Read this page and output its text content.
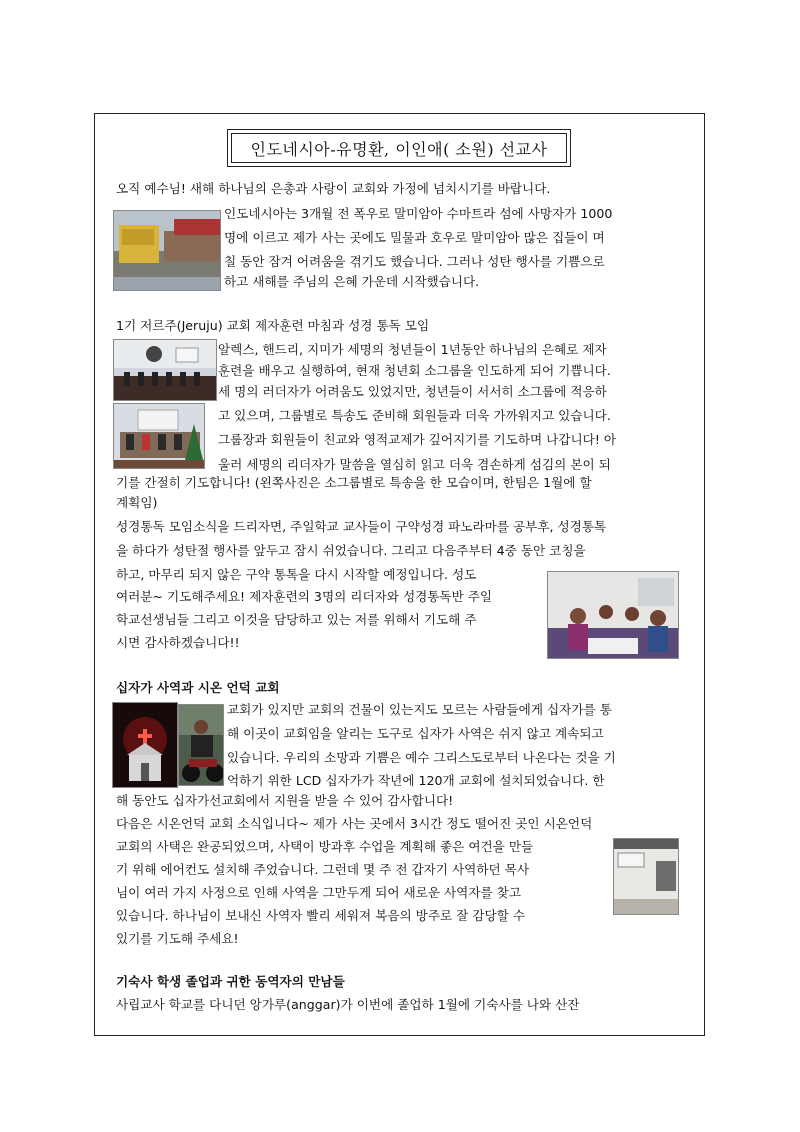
인도네시아-유명환, 이인애( 소원) 선교사
오직 예수님! 새해 하나님의 은총과 사랑이 교회와 가정에 넘치시기를 바랍니다.
인도네시아는 3개월 전 폭우로 말미암아 수마트라 섬에 사망자가 1000
명에 이르고 제가 사는 곳에도 밀물과 호우로 말미암아 많은 집들이 며
칠 동안 잠겨 어려움을 겪기도 했습니다. 그러나 성탄 행사를 기쁨으로
하고 새해를 주님의 은혜 가운데 시작했습니다.
1기 저르주(Jeruju) 교회 제자훈련 마침과 성경 통독 모임
알렉스, 핸드리, 지미가 세명의 청년들이 1년동안 하나님의 은혜로 제자
훈련을 배우고 실행하여, 현재 청년회 소그룹을 인도하게 되어 기쁩니다.
세 명의 러더자가 어려움도 있었지만, 청년들이 서서히 소그룹에 적응하
고 있으며, 그룹별로 특송도 준비해 회원들과 더욱 가까워지고 있습니다.
그룹장과 회원들이 친교와 영적교제가 깊어지기를 기도하며 나갑니다! 아
울러 세명의 리더자가 말씀을 열심히 읽고 더욱 겸손하게 섬김의 본이 되
기를 간절히 기도합니다! (왼쪽사진은 소그룹별로 특송을 한 모습이며, 한팀은 1월에 할
계획임)
성경통독 모임소식을 드리자면, 주일학교 교사들이 구약성경 파노라마를 공부후, 성경통톡
을 하다가 성탄절 행사를 앞두고 잠시 쉬었습니다. 그리고 다음주부터 4중 동안 코칭을
하고, 마무리 되지 않은 구약 통톡을 다시 시작할 예정입니다. 성도
여러분~ 기도해주세요! 제자훈련의 3명의 리더자와 성경통독반 주일
학교선생님들 그리고 이것을 담당하고 있는 저를 위해서 기도해 주
시면 감사하겠습니다!!
십자가 사역과 시온 언덕 교회
교회가 있지만 교회의 건물이 있는지도 모르는 사람들에게 십자가를 통
해 이곳이 교회임을 알리는 도구로 십자가 사역은 쉬지 않고 계속되고
있습니다. 우리의 소망과 기쁨은 예수 그리스도로부터 나온다는 것을 기
억하기 위한 LCD 십자가가 작년에 120개 교회에 설치되었습니다. 한
해 동안도 십자가선교회에서 지원을 받을 수 있어 감사합니다!
다음은 시온언덕 교회 소식입니다~ 제가 사는 곳에서 3시간 정도 떨어진 곳인 시온언덕
교회의 사택은 완공되었으며, 사택이 방과후 수업을 계획해 좋은 여건을 만들
기 위해 에어컨도 설치해 주었습니다. 그런데 몇 주 전 갑자기 사역하던 목사
님이 여러 가지 사정으로 인해 사역을 그만두게 되어 새로운 사역자를 찾고
있습니다. 하나님이 보내신 사역자 빨리 세워져 복음의 방주로 잘 감당할 수
있기를 기도해 주세요!
기숙사 학생 졸업과 귀한 동역자의 만남들
사립교사 학교를 다니던 앙가루(anggar)가 이번에 졸업하 1월에 기숙사를 나와 산잔
